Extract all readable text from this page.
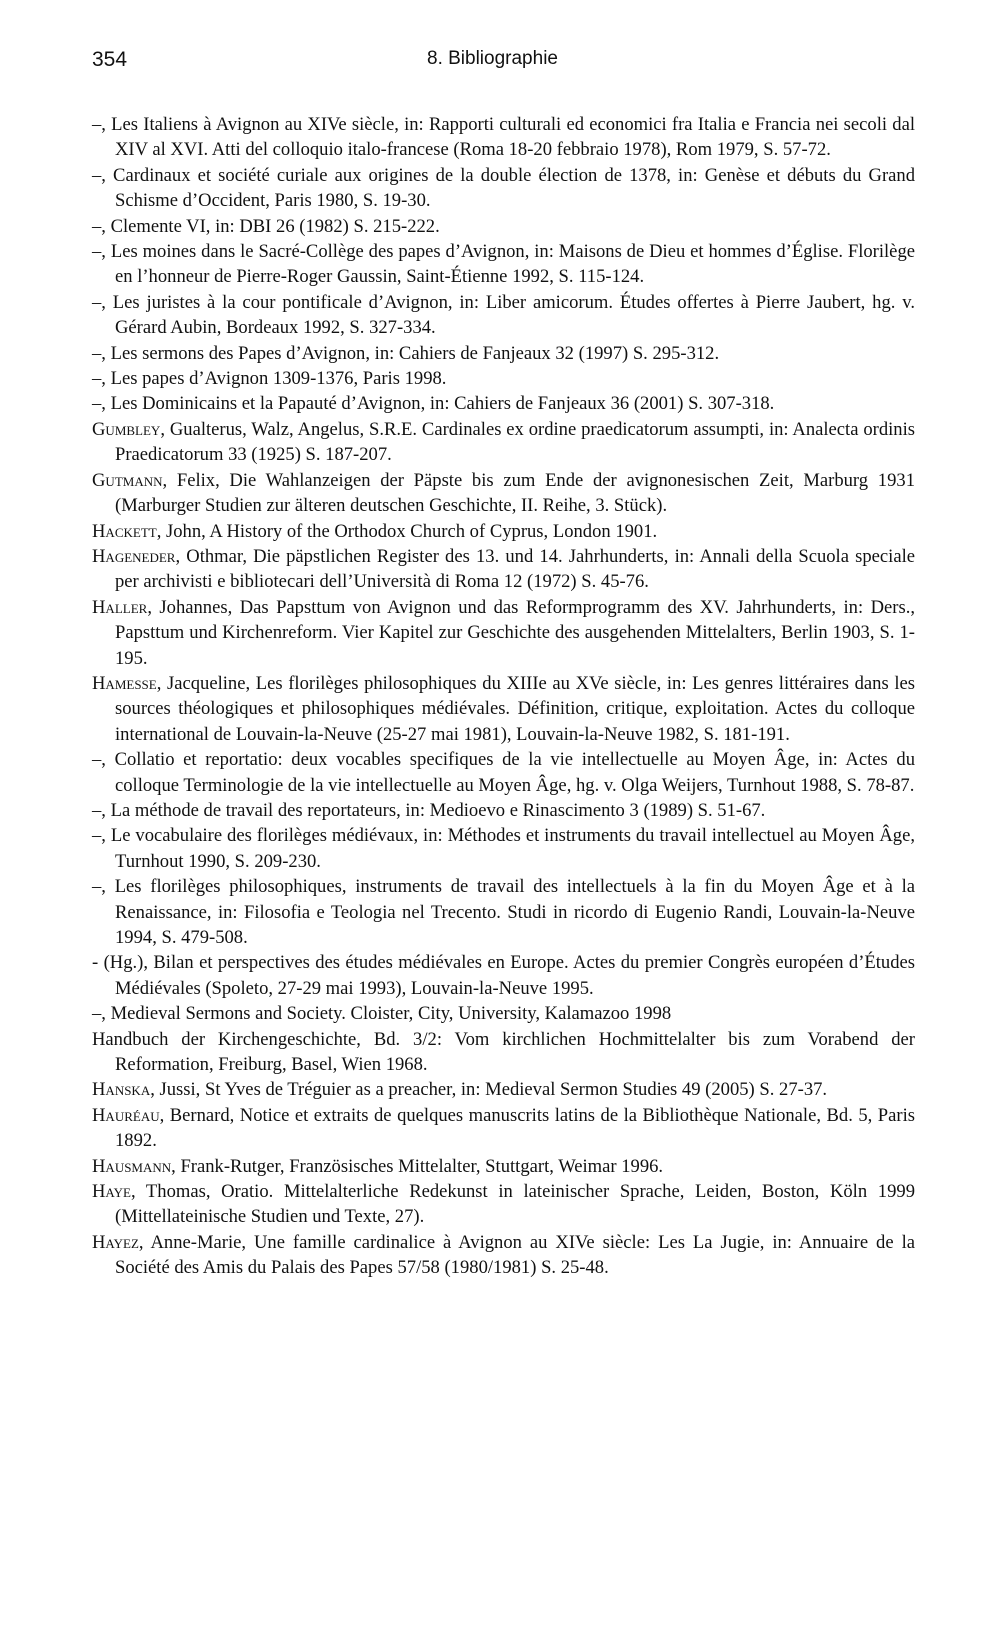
354	8. Bibliographie
–, Les Italiens à Avignon au XIVe siècle, in: Rapporti culturali ed economici fra Italia e Francia nei secoli dal XIV al XVI. Atti del colloquio italo-francese (Roma 18-20 febbraio 1978), Rom 1979, S. 57-72.
–, Cardinaux et société curiale aux origines de la double élection de 1378, in: Genèse et débuts du Grand Schisme d’Occident, Paris 1980, S. 19-30.
–, Clemente VI, in: DBI 26 (1982) S. 215-222.
–, Les moines dans le Sacré-Collège des papes d’Avignon, in: Maisons de Dieu et hommes d’Église. Florilège en l’honneur de Pierre-Roger Gaussin, Saint-Étienne 1992, S. 115-124.
–, Les juristes à la cour pontificale d’Avignon, in: Liber amicorum. Études offertes à Pierre Jaubert, hg. v. Gérard Aubin, Bordeaux 1992, S. 327-334.
–, Les sermons des Papes d’Avignon, in: Cahiers de Fanjeaux 32 (1997) S. 295-312.
–, Les papes d’Avignon 1309-1376, Paris 1998.
–, Les Dominicains et la Papauté d’Avignon, in: Cahiers de Fanjeaux 36 (2001) S. 307-318.
Gumbley, Gualterus, Walz, Angelus, S.R.E. Cardinales ex ordine praedicatorum assumpti, in: Analecta ordinis Praedicatorum 33 (1925) S. 187-207.
Gutmann, Felix, Die Wahlanzeigen der Päpste bis zum Ende der avignonesischen Zeit, Marburg 1931 (Marburger Studien zur älteren deutschen Geschichte, II. Reihe, 3. Stück).
Hackett, John, A History of the Orthodox Church of Cyprus, London 1901.
Hageneder, Othmar, Die päpstlichen Register des 13. und 14. Jahrhunderts, in: Annali della Scuola speciale per archivisti e bibliotecari dell’Università di Roma 12 (1972) S. 45-76.
Haller, Johannes, Das Papsttum von Avignon und das Reformprogramm des XV. Jahrhunderts, in: Ders., Papsttum und Kirchenreform. Vier Kapitel zur Geschichte des ausgehenden Mittelalters, Berlin 1903, S. 1-195.
Hamesse, Jacqueline, Les florilèges philosophiques du XIIIe au XVe siècle, in: Les genres littéraires dans les sources théologiques et philosophiques médiévales. Définition, critique, exploitation. Actes du colloque international de Louvain-la-Neuve (25-27 mai 1981), Louvain-la-Neuve 1982, S. 181-191.
–, Collatio et reportatio: deux vocables specifiques de la vie intellectuelle au Moyen Âge, in: Actes du colloque Terminologie de la vie intellectuelle au Moyen Âge, hg. v. Olga Weijers, Turnhout 1988, S. 78-87.
–, La méthode de travail des reportateurs, in: Medioevo e Rinascimento 3 (1989) S. 51-67.
–, Le vocabulaire des florilèges médiévaux, in: Méthodes et instruments du travail intellectuel au Moyen Âge, Turnhout 1990, S. 209-230.
–, Les florilèges philosophiques, instruments de travail des intellectuels à la fin du Moyen Âge et à la Renaissance, in: Filosofia e Teologia nel Trecento. Studi in ricordo di Eugenio Randi, Louvain-la-Neuve 1994, S. 479-508.
- (Hg.), Bilan et perspectives des études médiévales en Europe. Actes du premier Congrès européen d’Études Médiévales (Spoleto, 27-29 mai 1993), Louvain-la-Neuve 1995.
–, Medieval Sermons and Society. Cloister, City, University, Kalamazoo 1998
Handbuch der Kirchengeschichte, Bd. 3/2: Vom kirchlichen Hochmittelalter bis zum Vorabend der Reformation, Freiburg, Basel, Wien 1968.
Hanska, Jussi, St Yves de Tréguier as a preacher, in: Medieval Sermon Studies 49 (2005) S. 27-37.
Hauréau, Bernard, Notice et extraits de quelques manuscrits latins de la Bibliothèque Nationale, Bd. 5, Paris 1892.
Hausmann, Frank-Rutger, Französisches Mittelalter, Stuttgart, Weimar 1996.
Haye, Thomas, Oratio. Mittelalterliche Redekunst in lateinischer Sprache, Leiden, Boston, Köln 1999 (Mittellateinische Studien und Texte, 27).
Hayez, Anne-Marie, Une famille cardinalice à Avignon au XIVe siècle: Les La Jugie, in: Annuaire de la Société des Amis du Palais des Papes 57/58 (1980/1981) S. 25-48.
